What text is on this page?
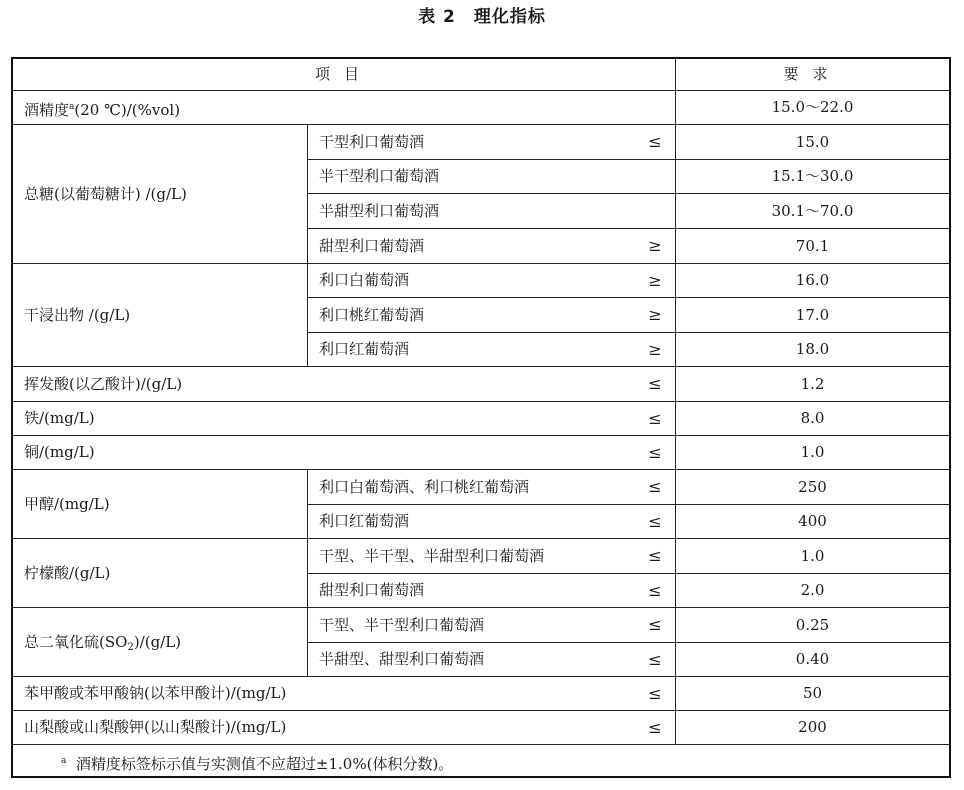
表 2　理化指标
项目	要求
酒精度$^a$(20 ℃)/(%vol)	15.0～22.0
总糖(以葡萄糖计) /(g/L)
干型利口葡萄酒	≤	15.0
半干型利口葡萄酒	15.1～30.0
半甜型利口葡萄酒	30.1～70.0
甜型利口葡萄酒	≥	70.1
干浸出物 /(g/L)
利口白葡萄酒	≥	16.0
利口桃红葡萄酒	≥	17.0
利口红葡萄酒	≥	18.0
挥发酸(以乙酸计)/(g/L)	≤	1.2
铁/(mg/L)	≤	8.0
铜/(mg/L)	≤	1.0
甲醇/(mg/L)
利口白葡萄酒、利口桃红葡萄酒	≤	250
利口红葡萄酒	≤	400
柠檬酸/(g/L)
干型、半干型、半甜型利口葡萄酒	≤	1.0
甜型利口葡萄酒	≤	2.0
总二氧化硫$(SO_2)/(g/L)$
干型、半干型利口葡萄酒	≤	0.25
半甜型、甜型利口葡萄酒	≤	0.40
苯甲酸或苯甲酸钠(以苯甲酸计)/(mg/L)	≤	50
山梨酸或山梨酸钾(以山梨酸计)/(mg/L)	≤	200
$^a$ 酒精度标签标示值与实测值不应超过±1.0%(体积分数)。
